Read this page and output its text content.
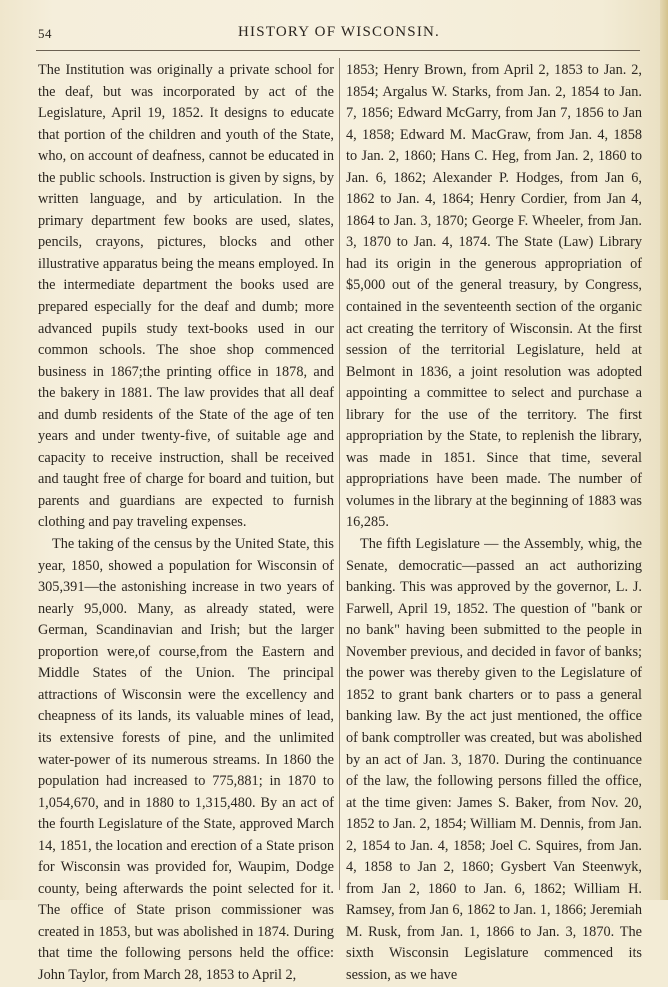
54	HISTORY OF WISCONSIN.

The Institution was originally a private school for the deaf, but was incorporated by act of the Legislature, April 19, 1852. It designs to educate that portion of the children and youth of the State, who, on account of deafness, cannot be educated in the public schools. Instruction is given by signs, by written language, and by articulation. In the primary department few books are used, slates, pencils, crayons, pictures, blocks and other illustrative apparatus being the means employed. In the intermediate department the books used are prepared especially for the deaf and dumb; more advanced pupils study text-books used in our common schools. The shoe shop commenced business in 1867;the printing office in 1878, and the bakery in 1881. The law provides that all deaf and dumb residents of the State of the age of ten years and under twenty-five, of suitable age and capacity to receive instruction, shall be received and taught free of charge for board and tuition, but parents and guardians are expected to furnish clothing and pay traveling expenses.

The taking of the census by the United State, this year, 1850, showed a population for Wisconsin of 305,391—the astonishing increase in two years of nearly 95,000. Many, as already stated, were German, Scandinavian and Irish; but the larger proportion were,of course,from the Eastern and Middle States of the Union. The principal attractions of Wisconsin were the excellency and cheapness of its lands, its valuable mines of lead, its extensive forests of pine, and the unlimited water-power of its numerous streams. In 1860 the population had increased to 775,881; in 1870 to 1,054,670, and in 1880 to 1,315,480. By an act of the fourth Legislature of the State, approved March 14, 1851, the location and erection of a State prison for Wisconsin was provided for, Waupim, Dodge county, being afterwards the point selected for it. The office of State prison commissioner was created in 1853, but was abolished in 1874. During that time the following persons held the office: John Taylor, from March 28, 1853 to April 2,

1853; Henry Brown, from April 2, 1853 to Jan. 2, 1854; Argalus W. Starks, from Jan. 2, 1854 to Jan. 7, 1856; Edward McGarry, from Jan 7, 1856 to Jan 4, 1858; Edward M. MacGraw, from Jan. 4, 1858 to Jan. 2, 1860; Hans C. Heg, from Jan. 2, 1860 to Jan. 6, 1862; Alexander P. Hodges, from Jan 6, 1862 to Jan. 4, 1864; Henry Cordier, from Jan 4, 1864 to Jan. 3, 1870; George F. Wheeler, from Jan. 3, 1870 to Jan. 4, 1874. The State (Law) Library had its origin in the generous appropriation of $5,000 out of the general treasury, by Congress, contained in the seventeenth section of the organic act creating the territory of Wisconsin. At the first session of the territorial Legislature, held at Belmont in 1836, a joint resolution was adopted appointing a committee to select and purchase a library for the use of the territory. The first appropriation by the State, to replenish the library, was made in 1851. Since that time, several appropriations have been made. The number of volumes in the library at the beginning of 1883 was 16,285.

The fifth Legislature — the Assembly, whig, the Senate, democratic—passed an act authorizing banking. This was approved by the governor, L. J. Farwell, April 19, 1852. The question of "bank or no bank" having been submitted to the people in November previous, and decided in favor of banks; the power was thereby given to the Legislature of 1852 to grant bank charters or to pass a general banking law. By the act just mentioned, the office of bank comptroller was created, but was abolished by an act of Jan. 3, 1870. During the continuance of the law, the following persons filled the office, at the time given: James S. Baker, from Nov. 20, 1852 to Jan. 2, 1854; William M. Dennis, from Jan. 2, 1854 to Jan. 4, 1858; Joel C. Squires, from Jan. 4, 1858 to Jan 2, 1860; Gysbert Van Steenwyk, from Jan 2, 1860 to Jan. 6, 1862; William H. Ramsey, from Jan 6, 1862 to Jan. 1, 1866; Jeremiah M. Rusk, from Jan. 1, 1866 to Jan. 3, 1870. The sixth Wisconsin Legislature commenced its session, as we have
